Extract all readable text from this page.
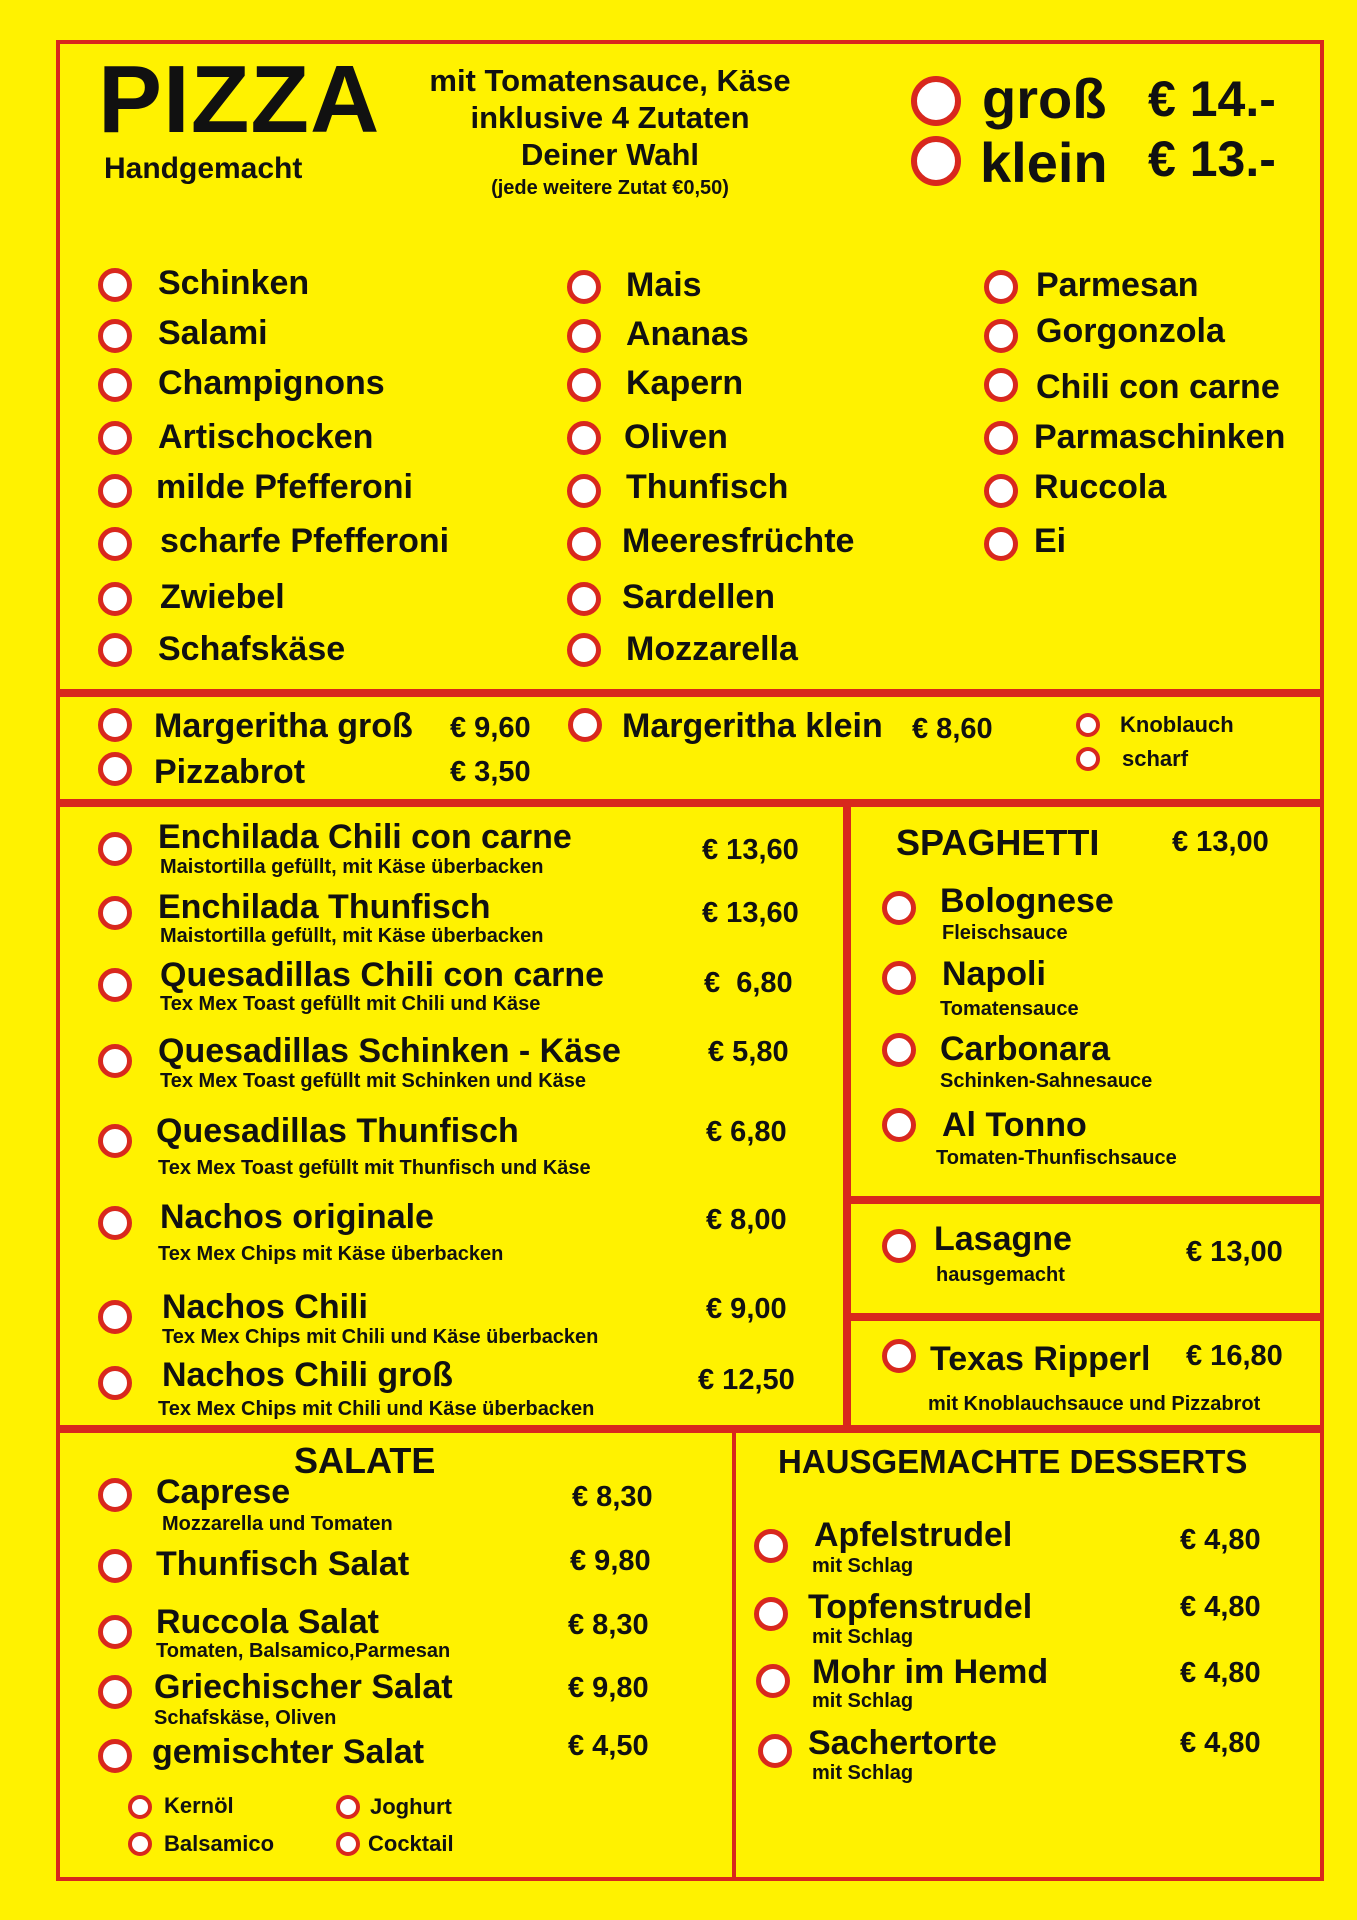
PIZZA
Handgemacht
mit Tomatensauce, Käse
inklusive 4 Zutaten
Deiner Wahl
(jede weitere Zutat €0,50)
groß € 14.-
klein € 13.-
Schinken
Salami
Champignons
Artischocken
milde Pfefferoni
scharfe Pfefferoni
Zwiebel
Schafskäse
Mais
Ananas
Kapern
Oliven
Thunfisch
Meeresfrüchte
Sardellen
Mozzarella
Parmesan
Gorgonzola
Chili con carne
Parmaschinken
Ruccola
Ei
Margeritha groß € 9,60
Pizzabrot	€ 3,50
Margeritha klein € 8,60	Knoblauch
scharf
Enchilada Chili con carne
Maistortilla gefüllt, mit Käse überbacken
€ 13,60
Enchilada Thunfisch
Maistortilla gefüllt, mit Käse überbacken
€ 13,60
Quesadillas Chili con carne
Tex Mex Toast gefüllt mit Chili und Käse
€  6,80
Quesadillas Schinken - Käse
Tex Mex Toast gefüllt mit Schinken und Käse
€ 5,80
Quesadillas Thunfisch
Tex Mex Toast gefüllt mit Thunfisch und Käse
€ 6,80
Nachos originale
Tex Mex Chips mit Käse überbacken
€ 8,00
Nachos Chili
Tex Mex Chips mit Chili und Käse überbacken
€ 9,00
Nachos Chili groß
Tex Mex Chips mit Chili und Käse überbacken
€ 12,50
SPAGHETTI	€ 13,00
Bolognese
Fleischsauce
Napoli
Tomatensauce
Carbonara
Schinken-Sahnesauce
Al Tonno
Tomaten-Thunfischsauce
Lasagne
hausgemacht
€ 13,00
Texas Ripperl € 16,80
mit Knoblauchsauce und Pizzabrot
SALATE
Caprese
Mozzarella und Tomaten
€ 8,30
Thunfisch Salat	€ 9,80
Ruccola Salat
Tomaten, Balsamico,Parmesan
€ 8,30
Griechischer Salat
Schafskäse, Oliven
€ 9,80
gemischter Salat	€ 4,50
Kernöl	Joghurt
Balsamico	Cocktail
HAUSGEMACHTE DESSERTS
Apfelstrudel
mit Schlag
€ 4,80
Topfenstrudel
mit Schlag
€ 4,80
Mohr im Hemd
mit Schlag
€ 4,80
Sachertorte
mit Schlag
€ 4,80
